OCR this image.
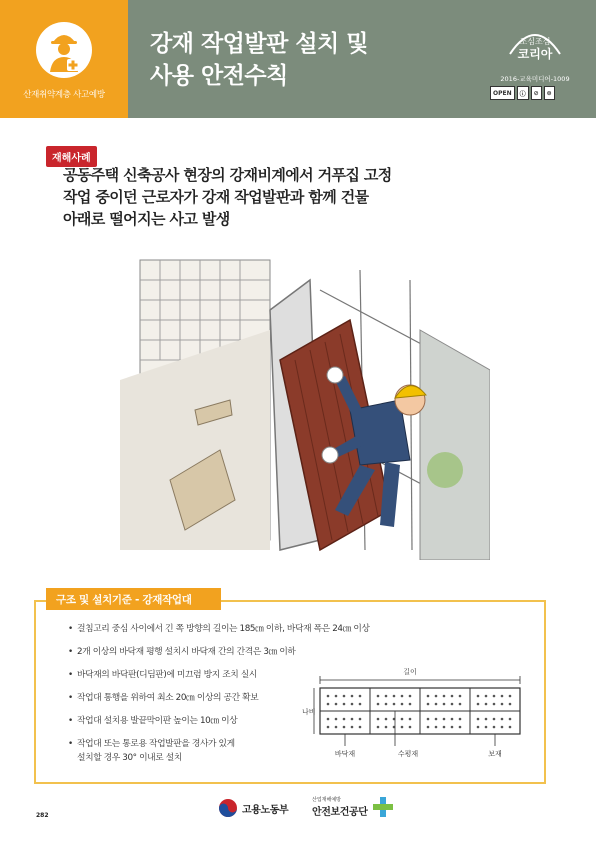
산재취약계층 사고예방
강재 작업발판 설치 및
사용 안전수칙
조심조심
코리아
2016-교육미디어-1009
OPEN	ⓘ	⊘	⊜
재해사례
공동주택 신축공사 현장의 강재비계에서 거푸집 고정
작업 중이던 근로자가 강재 작업발판과 함께 건물
아래로 떨어지는 사고 발생
구조 및 설치기준 - 강재작업대
• 걸침고리 중심 사이에서 긴 쪽 방향의 길이는 185㎝ 이하, 바닥재 폭은 24㎝ 이상
• 2개 이상의 바닥재 평행 설치시 바닥재 간의 간격은 3㎝ 이하
• 바닥재의 바닥판(디딤판)에 미끄럼 방지 조치 실시
• 작업대 통행을 위하여 최소 20㎝ 이상의 공간 확보
• 작업대 설치용 발끝막이판 높이는 10㎝ 이상
• 작업대 또는 통로용 작업발판을 경사가 있게
설치할 경우 30° 이내로 설치
길이
나비
바닥재	수평재	보재
282	고용노동부
산업재해예방
안전보건공단
